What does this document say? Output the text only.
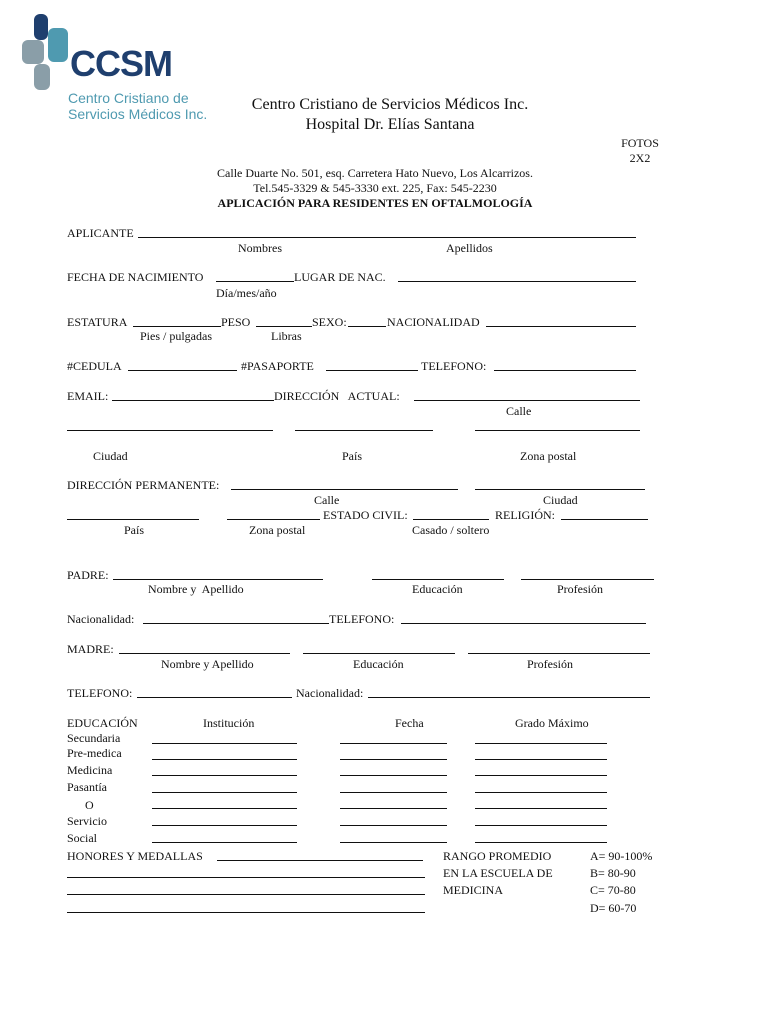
CCSM
Centro Cristiano de
Servicios Médicos Inc.
Centro Cristiano de Servicios Médicos Inc.
Hospital Dr. Elías Santana
FOTOS
2X2
Calle Duarte No. 501, esq. Carretera Hato Nuevo, Los Alcarrizos.
Tel.545-3329 & 545-3330 ext. 225, Fax: 545-2230
APLICACIÓN PARA RESIDENTES EN OFTALMOLOGÍA
APLICANTE
Nombres	Apellidos
FECHA DE NACIMIENTO	LUGAR DE NAC.
Día/mes/año
ESTATURA	PESO	SEXO:	NACIONALIDAD
Pies / pulgadas	Libras
#CEDULA	#PASAPORTE	TELEFONO:
EMAIL:	DIRECCIÓN   ACTUAL:
Calle
Ciudad	País	Zona postal
DIRECCIÓN PERMANENTE:
Calle	Ciudad
ESTADO CIVIL:	RELIGIÓN:
País	Zona postal	Casado / soltero
PADRE:
Nombre y  Apellido	Educación	Profesión
Nacionalidad:	TELEFONO:
MADRE:
Nombre y Apellido	Educación	Profesión
TELEFONO:	Nacionalidad:
EDUCACIÓN	Institución	Fecha	Grado Máximo
Secundaria
Pre-medica
Medicina
Pasantía
O
Servicio
Social
HONORES Y MEDALLAS	RANGO PROMEDIO
EN LA ESCUELA DE
MEDICINA
A= 90-100%
B= 80-90
C= 70-80
D= 60-70
